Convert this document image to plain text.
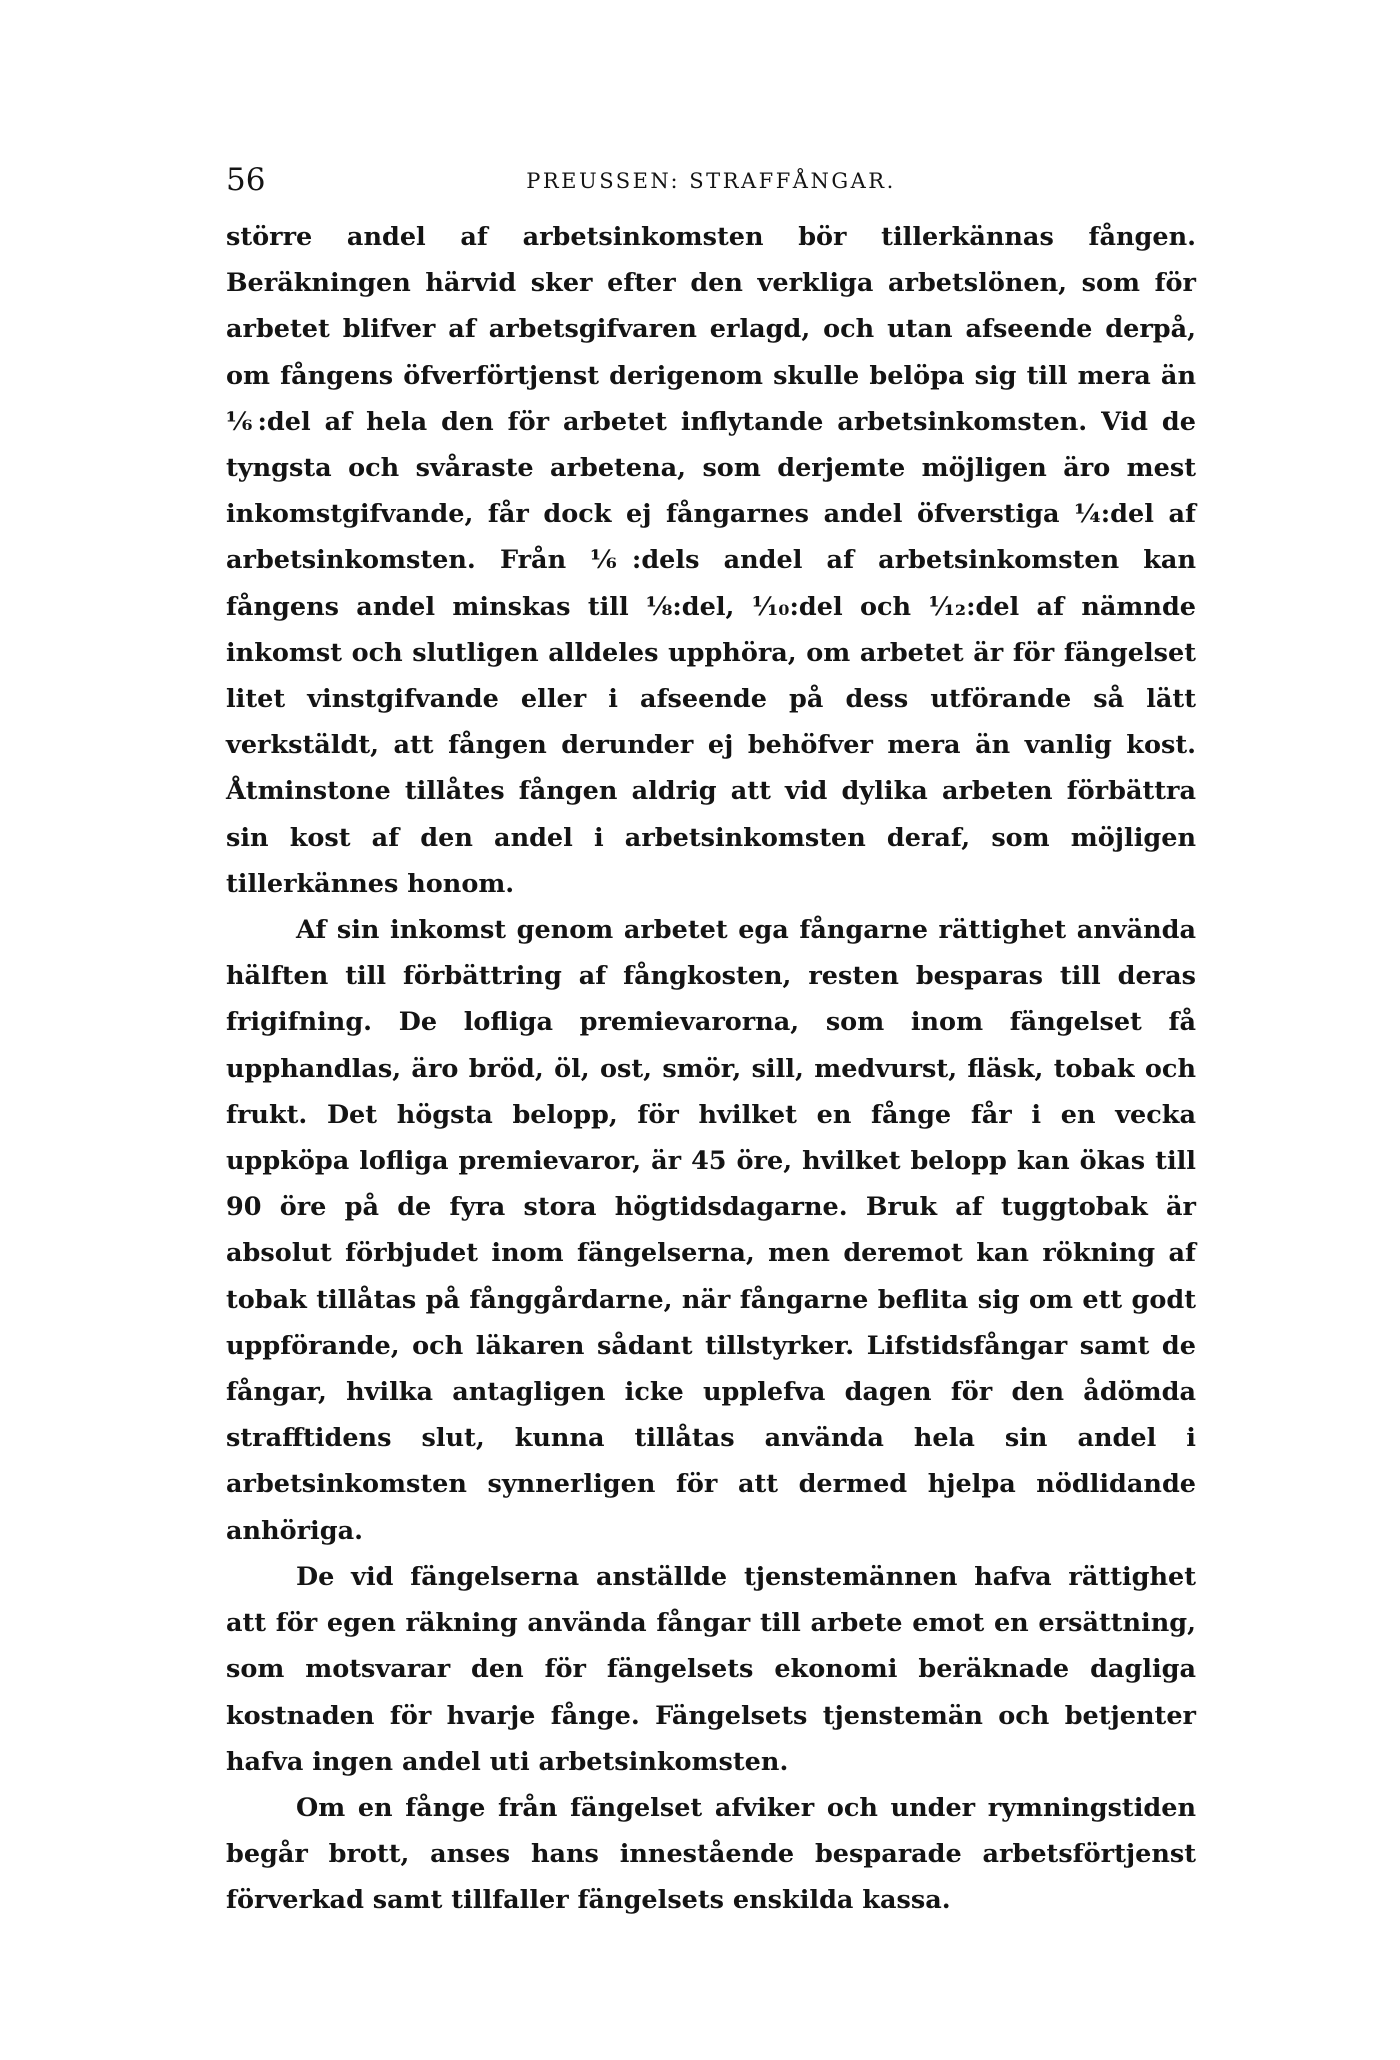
56	PREUSSEN: STRAFFÅNGAR.

större andel af arbetsinkomsten bör tillerkännas fången. Beräkningen härvid sker efter den verkliga arbetslönen, som för arbetet blifver af arbetsgifvaren erlagd, och utan afseende derpå, om fångens öfverförtjenst derigenom skulle belöpa sig till mera än ⅙:del af hela den för arbetet inflytande arbetsinkomsten. Vid de tyngsta och svåraste arbetena, som derjemte möjligen äro mest inkomstgifvande, får dock ej fångarnes andel öfverstiga ¼:del af arbetsinkomsten. Från ⅙:dels andel af arbetsinkomsten kan fångens andel minskas till ⅛:del, ¹⁄₁₀:del och ¹⁄₁₂:del af nämnde inkomst och slutligen alldeles upphöra, om arbetet är för fängelset litet vinstgifvande eller i afseende på dess utförande så lätt verkstäldt, att fången derunder ej behöfver mera än vanlig kost. Åtminstone tillåtes fången aldrig att vid dylika arbeten förbättra sin kost af den andel i arbetsinkomsten deraf, som möjligen tillerkännes honom.

Af sin inkomst genom arbetet ega fångarne rättighet använda hälften till förbättring af fångkosten, resten besparas till deras frigifning. De lofliga premievarorna, som inom fängelset få upphandlas, äro bröd, öl, ost, smör, sill, medvurst, fläsk, tobak och frukt. Det högsta belopp, för hvilket en fånge får i en vecka uppköpa lofliga premievaror, är 45 öre, hvilket belopp kan ökas till 90 öre på de fyra stora högtidsdagarne. Bruk af tuggtobak är absolut förbjudet inom fängelserna, men deremot kan rökning af tobak tillåtas på fånggårdarne, när fångarne beflita sig om ett godt uppförande, och läkaren sådant tillstyrker. Lifstidsfångar samt de fångar, hvilka antagligen icke upplefva dagen för den ådömda strafftidens slut, kunna tillåtas använda hela sin andel i arbetsinkomsten synnerligen för att dermed hjelpa nödlidande anhöriga.

De vid fängelserna anställde tjenstemännen hafva rättighet att för egen räkning använda fångar till arbete emot en ersättning, som motsvarar den för fängelsets ekonomi beräknade dagliga kostnaden för hvarje fånge. Fängelsets tjenstemän och betjenter hafva ingen andel uti arbetsinkomsten.

Om en fånge från fängelset afviker och under rymningstiden begår brott, anses hans innestående besparade arbetsförtjenst förverkad samt tillfaller fängelsets enskilda kassa.
